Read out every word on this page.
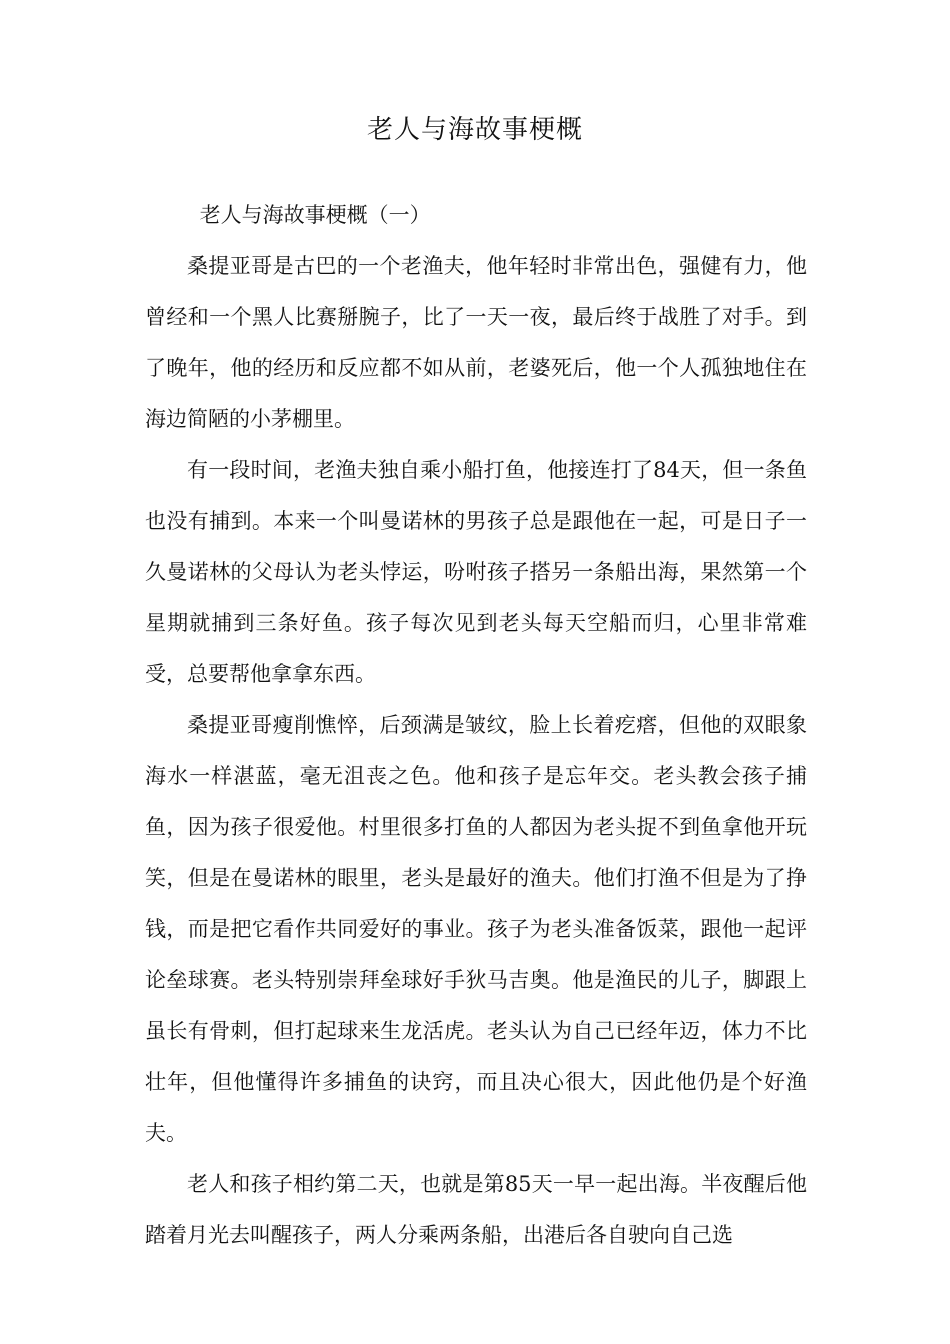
老人与海故事梗概

老人与海故事梗概（一）

桑提亚哥是古巴的一个老渔夫，他年轻时非常出色，强健有力，他曾经和一个黑人比赛掰腕子，比了一天一夜，最后终于战胜了对手。到了晚年，他的经历和反应都不如从前，老婆死后，他一个人孤独地住在海边简陋的小茅棚里。

有一段时间，老渔夫独自乘小船打鱼，他接连打了84天，但一条鱼也没有捕到。本来一个叫曼诺林的男孩子总是跟他在一起，可是日子一久曼诺林的父母认为老头悖运，吩咐孩子搭另一条船出海，果然第一个星期就捕到三条好鱼。孩子每次见到老头每天空船而归，心里非常难受，总要帮他拿拿东西。

桑提亚哥瘦削憔悴，后颈满是皱纹，脸上长着疙瘩，但他的双眼象海水一样湛蓝，毫无沮丧之色。他和孩子是忘年交。老头教会孩子捕鱼，因为孩子很爱他。村里很多打鱼的人都因为老头捉不到鱼拿他开玩笑，但是在曼诺林的眼里，老头是最好的渔夫。他们打渔不但是为了挣钱，而是把它看作共同爱好的事业。孩子为老头准备饭菜，跟他一起评论垒球赛。老头特别崇拜垒球好手狄马吉奥。他是渔民的儿子，脚跟上虽长有骨刺，但打起球来生龙活虎。老头认为自己已经年迈，体力不比壮年，但他懂得许多捕鱼的诀窍，而且决心很大，因此他仍是个好渔夫。

老人和孩子相约第二天，也就是第85天一早一起出海。半夜醒后他踏着月光去叫醒孩子，两人分乘两条船，出港后各自驶向自己选
